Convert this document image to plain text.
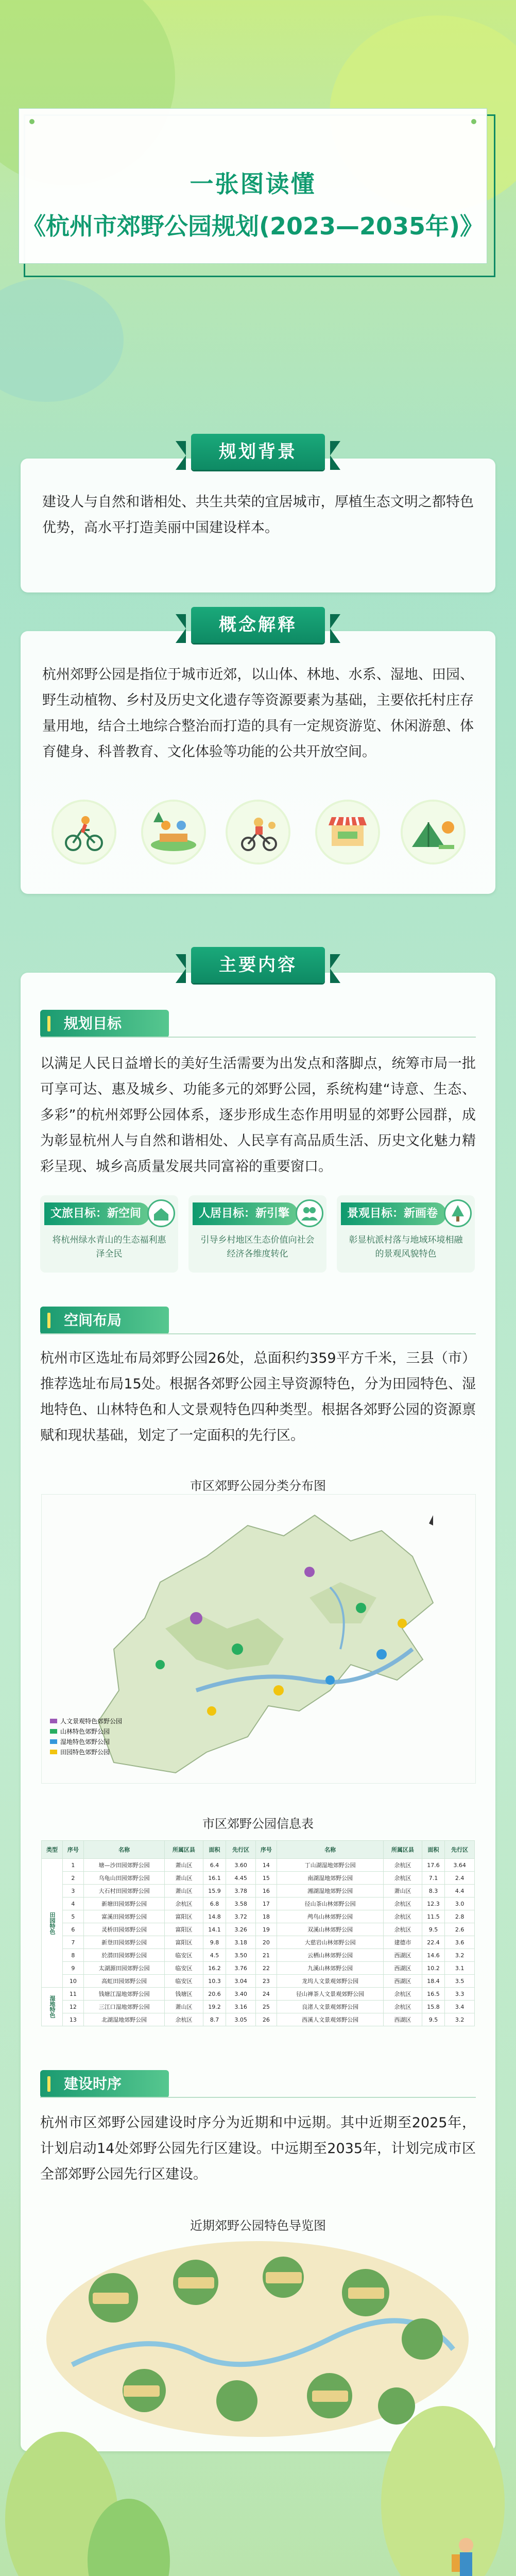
一张图读懂
《杭州市郊野公园规划(2023—2035年)》
建设人与自然和谐相处、共生共荣的宜居城市，厚植生态文明之都特色优势，高水平打造美丽中国建设样本。
规划背景
杭州郊野公园是指位于城市近郊，以山体、林地、水系、湿地、田园、野生动植物、乡村及历史文化遗存等资源要素为基础，主要依托村庄存量用地，结合土地综合整治而打造的具有一定规资游览、休闲游憩、体育健身、科普教育、文化体验等功能的公共开放空间。
概念解释
主要内容
规划目标
以满足人民日益增长的美好生活需要为出发点和落脚点，统筹市局一批可享可达、惠及城乡、功能多元的郊野公园，系统构建“诗意、生态、多彩”的杭州郊野公园体系，逐步形成生态作用明显的郊野公园群，成为彰显杭州人与自然和谐相处、人民享有高品质生活、历史文化魅力精彩呈现、城乡高质量发展共同富裕的重要窗口。
文旅目标：新空间
将杭州绿水青山的生态福利惠泽全民
人居目标：新引擎
引导乡村地区生态价值向社会经济各维度转化
景观目标：新画卷
彰显杭派村落与地域环境相融的景观风貌特色
空间布局
杭州市区选址布局郊野公园26处，总面积约359平方千米，三县（市）推荐选址布局15处。根据各郊野公园主导资源特色，分为田园特色、湿地特色、山林特色和人文景观特色四种类型。根据各郊野公园的资源禀赋和现状基础，划定了一定面积的先行区。
市区郊野公园分类分布图
人文景观特色郊野公园
山林特色郊野公园
湿地特色郊野公园
田园特色郊野公园
市区郊野公园信息表
类型	序号	名称	所属区县	面积	先行区	序号	名称	所属区县	面积	先行区
田园特色	1	塘—沙田园郊野公园	萧山区	6.4	3.60	14	丁山湖湿地郊野公园	余杭区	17.6	3.64
	2	乌龟山田园郊野公园	萧山区	16.1	4.45	15	南湖湿地郊野公园	余杭区	7.1	2.4
	3	大石村田园郊野公园	萧山区	15.9	3.78	16	湘湖湿地郊野公园	萧山区	8.3	4.4
	4	新塘田园郊野公园	余杭区	6.8	3.58	17	径山茶山林郊野公园	余杭区	12.3	3.0
	5	富溪田园郊野公园	富阳区	14.8	3.72	18	鸬鸟山林郊野公园	余杭区	11.5	2.8
	6	灵桥田园郊野公园	富阳区	14.1	3.26	19	双溪山林郊野公园	余杭区	9.5	2.6
	7	新登田园郊野公园	富阳区	9.8	3.18	20	大慈岩山林郊野公园	建德市	22.4	3.6
	8	於潜田园郊野公园	临安区	4.5	3.50	21	云栖山林郊野公园	西湖区	14.6	3.2
	9	太湖源田园郊野公园	临安区	16.2	3.76	22	九溪山林郊野公园	西湖区	10.2	3.1
	10	高虹田园郊野公园	临安区	10.3	3.04	23	龙坞人文景观郊野公园	西湖区	18.4	3.5
湿地特色	11	钱塘江湿地郊野公园	钱塘区	20.6	3.40	24	径山禅茶人文景观郊野公园	余杭区	16.5	3.3
	12	三江口湿地郊野公园	萧山区	19.2	3.16	25	良渚人文景观郊野公园	余杭区	15.8	3.4
	13	北湖湿地郊野公园	余杭区	8.7	3.05	26	西溪人文景观郊野公园	西湖区	9.5	3.2
建设时序
杭州市区郊野公园建设时序分为近期和中远期。其中近期至2025年，计划启动14处郊野公园先行区建设。中远期至2035年，计划完成市区全部郊野公园先行区建设。
近期郊野公园特色导览图
